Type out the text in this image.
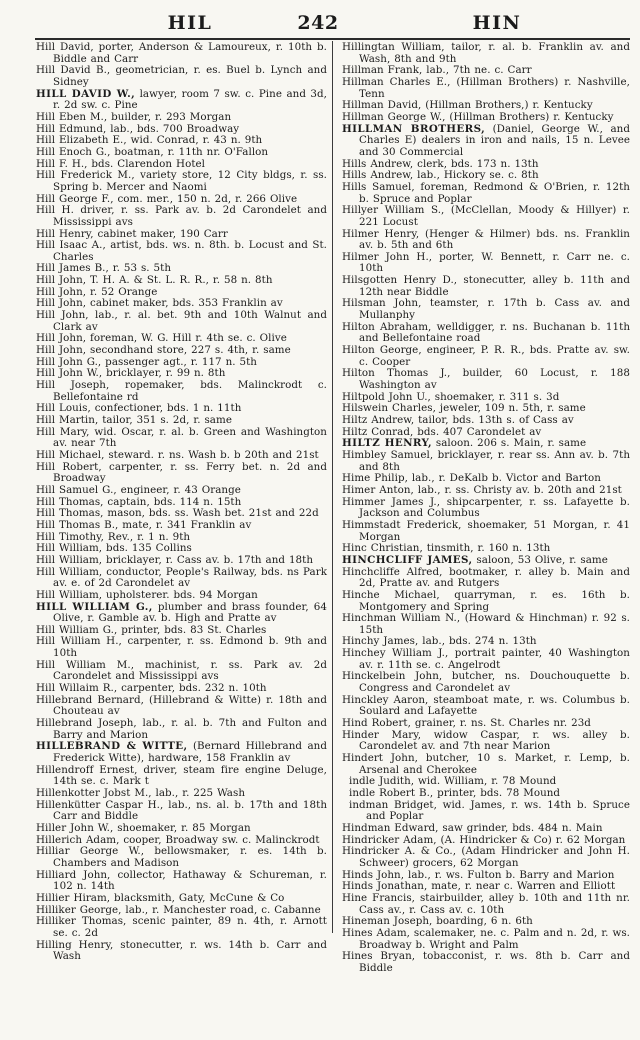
HIL	242	HIN

Hill David, porter, Anderson & Lamoureux, r. 10th b. Biddle and Carr

Hill David B., geometrician, r. es. Buel b. Lynch and Sidney

HILL DAVID W., lawyer, room 7 sw. c. Pine and 3d, r. 2d sw. c. Pine

Hill Eben M., builder, r. 293 Morgan

Hill Edmund, lab., bds. 700 Broadway

Hill Elizabeth E., wid. Conrad, r. 43 n. 9th

Hill Enoch G., boatman, r. 11th nr. O'Fallon

Hill F. H., bds. Clarendon Hotel

Hill Frederick M., variety store, 12 City bldgs, r. ss. Spring b. Mercer and Naomi

Hill George F., com. mer., 150 n. 2d, r. 266 Olive

Hill H. driver, r. ss. Park av. b. 2d Carondelet and Mississippi avs

Hill Henry, cabinet maker, 190 Carr

Hill Isaac A., artist, bds. ws. n. 8th. b. Locust and St. Charles

Hill James B., r. 53 s. 5th

Hill John, T. H. A. & St. L. R. R., r. 58 n. 8th

Hill John, r. 52 Orange

Hill John, cabinet maker, bds. 353 Franklin av

Hill John, lab., r. al. bet. 9th and 10th Walnut and Clark av

Hill John, foreman, W. G. Hill r. 4th se. c. Olive

Hill John, secondhand store, 227 s. 4th, r. same

Hill John G., passenger agt., r. 117 n. 5th

Hill John W., bricklayer, r. 99 n. 8th

Hill Joseph, ropemaker, bds. Malinckrodt c. Bellefontaine rd

Hill Louis, confectioner, bds. 1 n. 11th

Hill Martin, tailor, 351 s. 2d, r. same

Hill Mary, wid. Oscar, r. al. b. Green and Washington av. near 7th

Hill Michael, steward. r. ns. Wash b. b 20th and 21st

Hill Robert, carpenter, r. ss. Ferry bet. n. 2d and Broadway

Hill Samuel G., engineer, r. 43 Orange

Hill Thomas, captain, bds. 114 n. 15th

Hill Thomas, mason, bds. ss. Wash bet. 21st and 22d

Hill Thomas B., mate, r. 341 Franklin av

Hill Timothy, Rev., r. 1 n. 9th

Hill William, bds. 135 Collins

Hill William, bricklayer, r. Cass av. b. 17th and 18th

Hill William, conductor, People's Railway, bds. ns Park av. e. of 2d Carondelet av

Hill William, upholsterer. bds. 94 Morgan

HILL WILLIAM G., plumber and brass founder, 64 Olive, r. Gamble av. b. High and Pratte av

Hill William G., printer, bds. 83 St. Charles

Hill William H., carpenter, r. ss. Edmond b. 9th and 10th

Hill William M., machinist, r. ss. Park av. 2d Carondelet and Mississippi avs

Hill Willaim R., carpenter, bds. 232 n. 10th

Hillebrand Bernard, (Hillebrand & Witte) r. 18th and Chouteau av

Hillebrand Joseph, lab., r. al. b. 7th and Fulton and Barry and Marion

HILLEBRAND & WITTE, (Bernard Hillebrand and Frederick Witte), hardware, 158 Franklin av

Hillendroff Ernest, driver, steam fire engine Deluge, 14th se. c. Mark t

Hillenkotter Jobst M., lab., r. 225 Wash

Hillenkütter Caspar H., lab., ns. al. b. 17th and 18th Carr and Biddle

Hiller John W., shoemaker, r. 85 Morgan

Hillerich Adam, cooper, Broadway sw. c. Malinckrodt

Hilliar George W., bellowsmaker, r. es. 14th b. Chambers and Madison

Hilliard John, collector, Hathaway & Schureman, r. 102 n. 14th

Hillier Hiram, blacksmith, Gaty, McCune & Co

Hilliker George, lab., r. Manchester road, c. Cabanne

Hilliker Thomas, scenic painter, 89 n. 4th, r. Arnott se. c. 2d

Hilling Henry, stonecutter, r. ws. 14th b. Carr and Wash

Hillingtan William, tailor, r. al. b. Franklin av. and Wash, 8th and 9th

Hillman Frank, lab., 7th ne. c. Carr

Hillman Charles E., (Hillman Brothers) r. Nashville, Tenn

Hillman David, (Hillman Brothers,) r. Kentucky

Hillman George W., (Hillman Brothers) r. Kentucky

HILLMAN BROTHERS, (Daniel, George W., and Charles E) dealers in iron and nails, 15 n. Levee and 30 Commercial

Hills Andrew, clerk, bds. 173 n. 13th

Hills Andrew, lab., Hickory se. c. 8th

Hills Samuel, foreman, Redmond & O'Brien, r. 12th b. Spruce and Poplar

Hillyer William S., (McClellan, Moody & Hillyer) r. 221 Locust

Hilmer Henry, (Henger & Hilmer) bds. ns. Franklin av. b. 5th and 6th

Hilmer John H., porter, W. Bennett, r. Carr ne. c. 10th

Hilsgotten Henry D., stonecutter, alley b. 11th and 12th near Biddle

Hilsman John, teamster, r. 17th b. Cass av. and Mullanphy

Hilton Abraham, welldigger, r. ns. Buchanan b. 11th and Bellefontaine road

Hilton George, engineer, P. R. R., bds. Pratte av. sw. c. Cooper

Hilton Thomas J., builder, 60 Locust, r. 188 Washington av

Hiltpold John U., shoemaker, r. 311 s. 3d

Hilswein Charles, jeweler, 109 n. 5th, r. same

Hiltz Andrew, tailor, bds. 13th s. of Cass av

Hiltz Conrad, bds. 407 Carondelet av

HILTZ HENRY, saloon. 206 s. Main, r. same

Himbley Samuel, bricklayer, r. rear ss. Ann av. b. 7th and 8th

Hime Philip, lab., r. DeKalb b. Victor and Barton

Himer Anton, lab., r. ss. Christy av. b. 20th and 21st

Himmer James J., shipcarpenter, r. ss. Lafayette b. Jackson and Columbus

Himmstadt Frederick, shoemaker, 51 Morgan, r. 41 Morgan

Hinc Christian, tinsmith, r. 160 n. 13th

HINCHCLIFF JAMES, saloon, 53 Olive, r. same

Hinchcliffe Alfred, bootmaker, r. alley b. Main and 2d, Pratte av. and Rutgers

Hinche Michael, quarryman, r. es. 16th b. Montgomery and Spring

Hinchman William N., (Howard & Hinchman) r. 92 s. 15th

Hinchy James, lab., bds. 274 n. 13th

Hinchey William J., portrait painter, 40 Washington av. r. 11th se. c. Angelrodt

Hinckelbein John, butcher, ns. Douchouquette b. Congress and Carondelet av

Hinckley Aaron, steamboat mate, r. ws. Columbus b. Soulard and Lafayette

Hind Robert, grainer, r. ns. St. Charles nr. 23d

Hinder Mary, widow Caspar, r. ws. alley b. Carondelet av. and 7th near Marion

Hindert John, butcher, 10 s. Market, r. Lemp, b. Arsenal and Cherokee

indle Judith, wid. William, r. 78 Mound

indle Robert B., printer, bds. 78 Mound

indman Bridget, wid. James, r. ws. 14th b. Spruce and Poplar

Hindman Edward, saw grinder, bds. 484 n. Main

Hindricker Adam, (A. Hindricker & Co) r. 62 Morgan

Hindricker A. & Co., (Adam Hindricker and John H. Schweer) grocers, 62 Morgan

Hinds John, lab., r. ws. Fulton b. Barry and Marion

Hinds Jonathan, mate, r. near c. Warren and Elliott

Hine Francis, stairbuilder, alley b. 10th and 11th nr. Cass av., r. Cass av. c. 10th

Hineman Joseph, boarding, 6 n. 6th

Hines Adam, scalemaker, ne. c. Palm and n. 2d, r. ws. Broadway b. Wright and Palm

Hines Bryan, tobacconist, r. ws. 8th b. Carr and Biddle
